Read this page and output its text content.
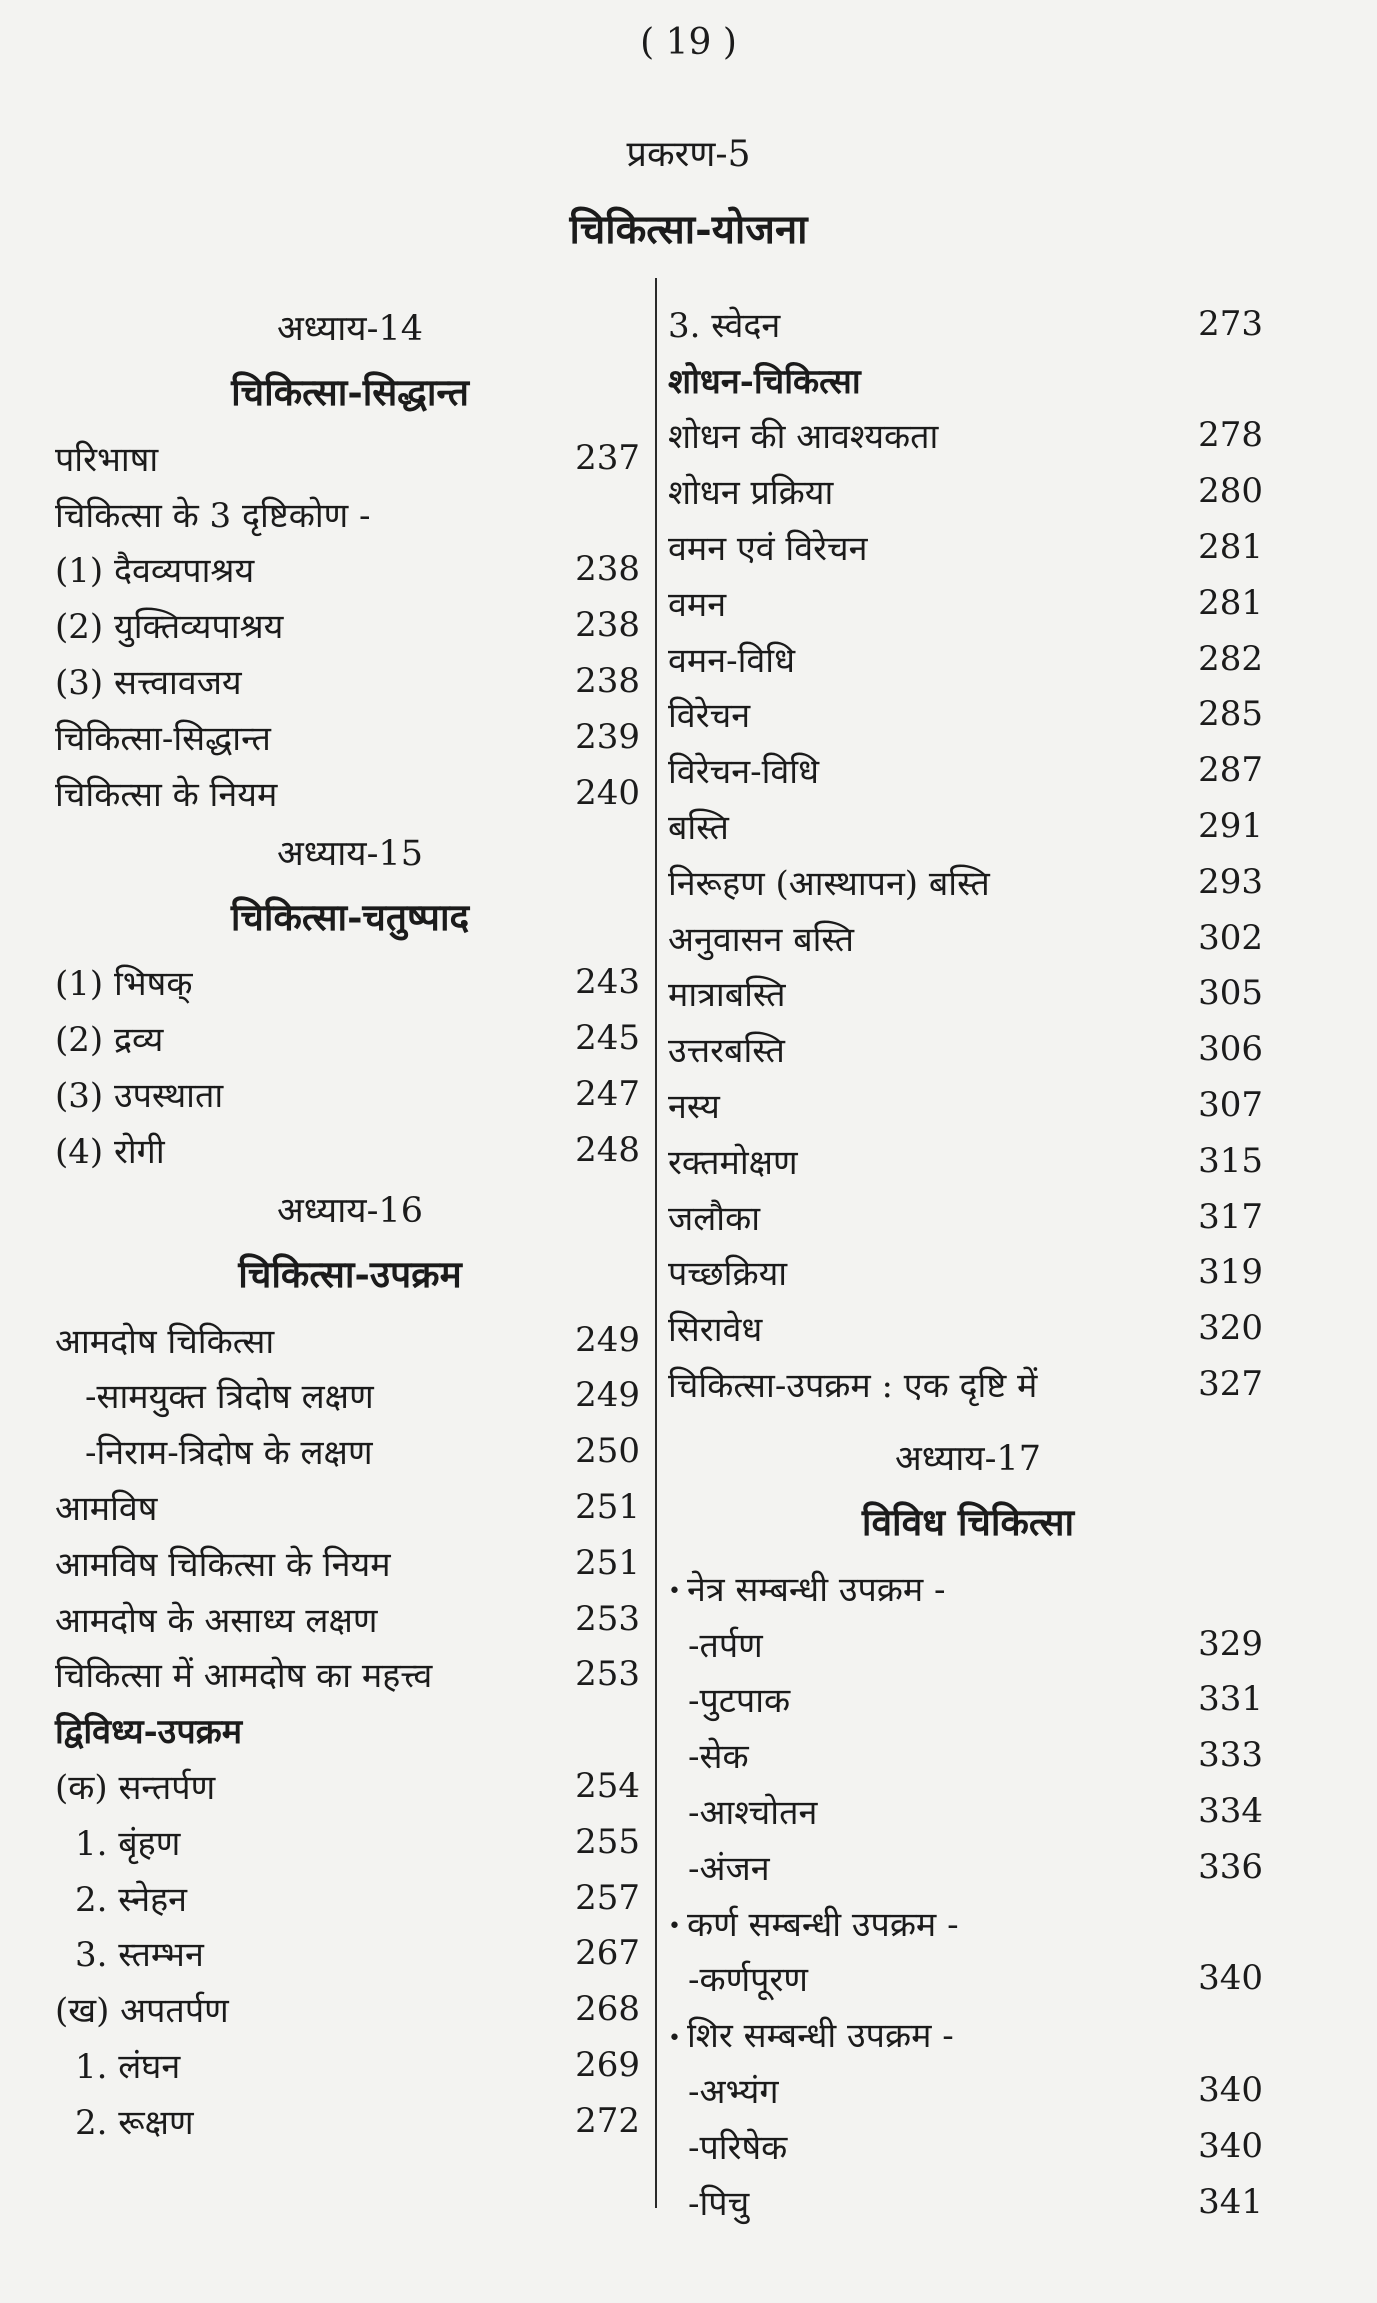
( 19 )
प्रकरण-5
चिकित्सा-योजना
अध्याय-14
चिकित्सा-सिद्धान्त
परिभाषा	237
चिकित्सा के 3 दृष्टिकोण -
(1) दैवव्यपाश्रय	238
(2) युक्तिव्यपाश्रय	238
(3) सत्त्वावजय	238
चिकित्सा-सिद्धान्त	239
चिकित्सा के नियम	240
अध्याय-15
चिकित्सा-चतुष्पाद
(1) भिषक्	243
(2) द्रव्य	245
(3) उपस्थाता	247
(4) रोगी	248
अध्याय-16
चिकित्सा-उपक्रम
आमदोष चिकित्सा	249
-सामयुक्त त्रिदोष लक्षण	249
-निराम-त्रिदोष के लक्षण	250
आमविष	251
आमविष चिकित्सा के नियम	251
आमदोष के असाध्य लक्षण	253
चिकित्सा में आमदोष का महत्त्व	253
द्विविध्य-उपक्रम
(क) सन्तर्पण	254
1. बृंहण	255
2. स्नेहन	257
3. स्तम्भन	267
(ख) अपतर्पण	268
1. लंघन	269
2. रूक्षण	272
3. स्वेदन	273
शोधन-चिकित्सा
शोधन की आवश्यकता	278
शोधन प्रक्रिया	280
वमन एवं विरेचन	281
वमन	281
वमन-विधि	282
विरेचन	285
विरेचन-विधि	287
बस्ति	291
निरूहण (आस्थापन) बस्ति	293
अनुवासन बस्ति	302
मात्राबस्ति	305
उत्तरबस्ति	306
नस्य	307
रक्तमोक्षण	315
जलौका	317
पच्छक्रिया	319
सिरावेध	320
चिकित्सा-उपक्रम : एक दृष्टि में	327
अध्याय-17
विविध चिकित्सा
• नेत्र सम्बन्धी उपक्रम -
-तर्पण	329
-पुटपाक	331
-सेक	333
-आश्चोतन	334
-अंजन	336
• कर्ण सम्बन्धी उपक्रम -
-कर्णपूरण	340
• शिर सम्बन्धी उपक्रम -
-अभ्यंग	340
-परिषेक	340
-पिचु	341
